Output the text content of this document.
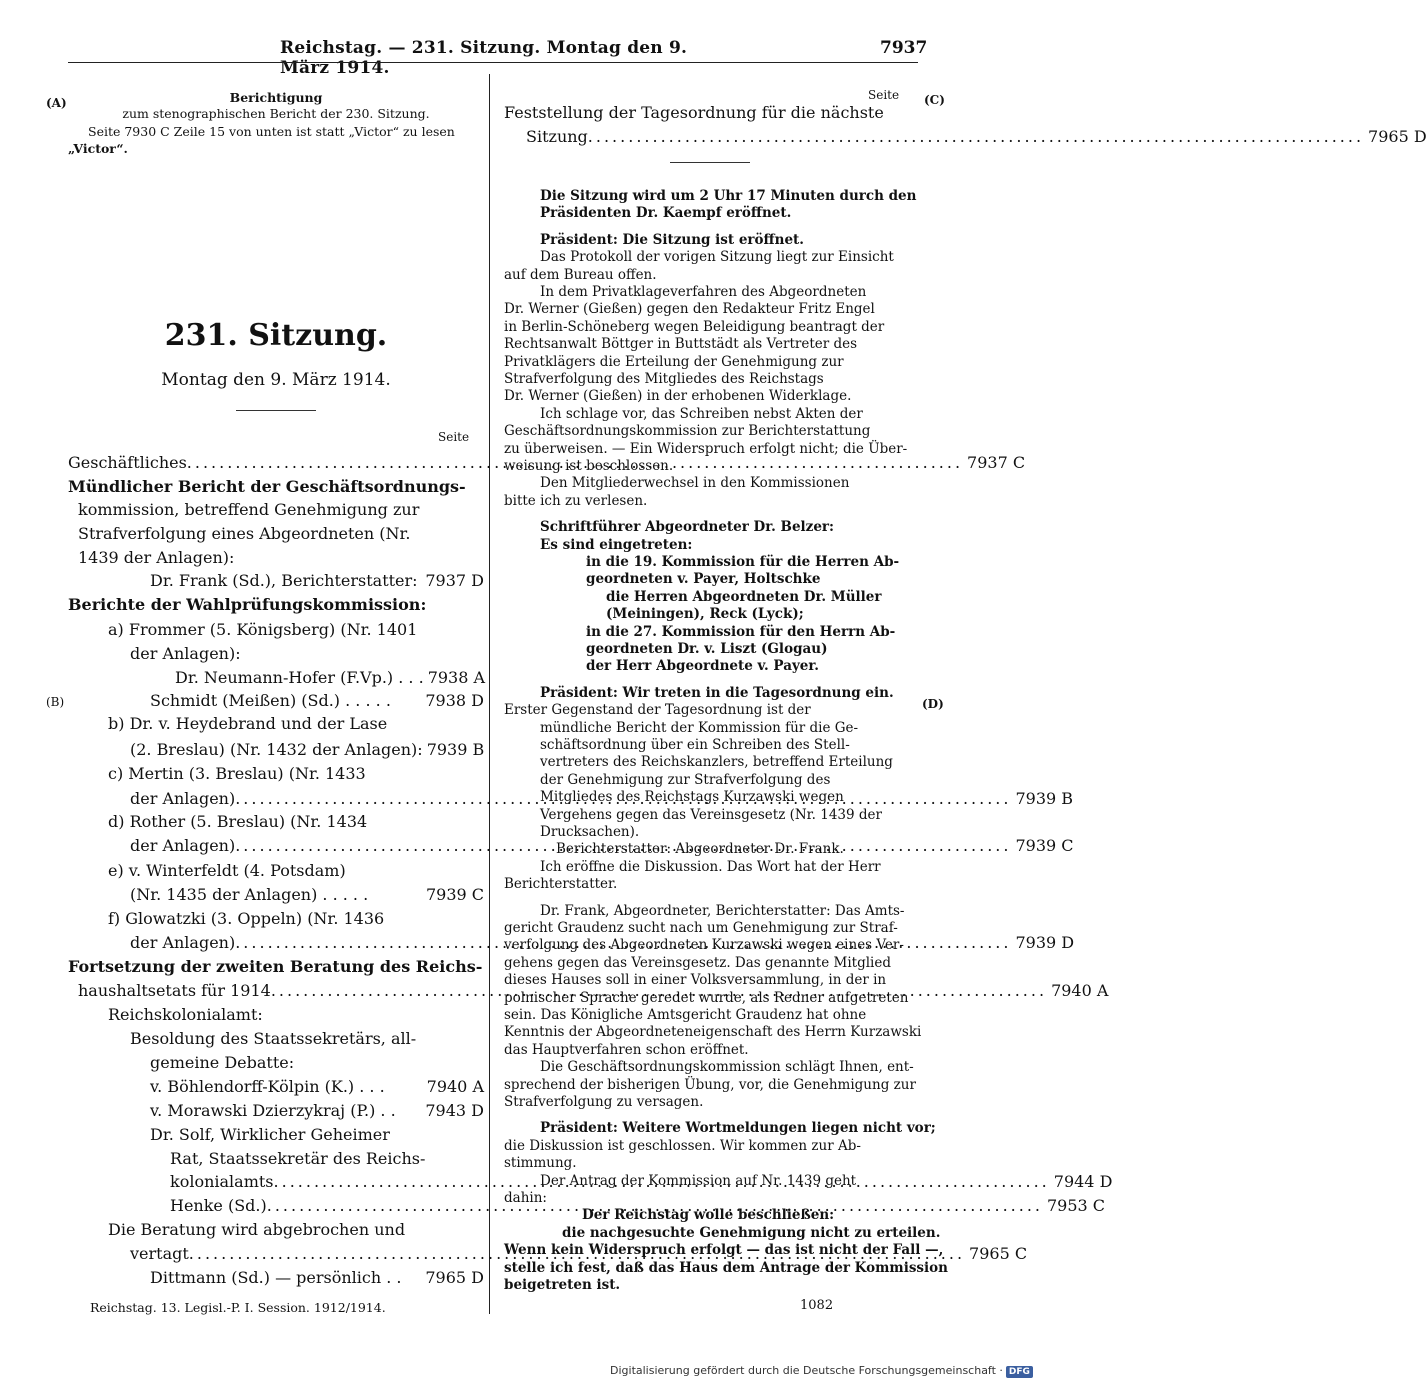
Reichstag. — 231. Sitzung. Montag den 9. März 1914.
7937
(A)
(B)
(C)
(D)
Berichtigung
zum stenographischen Bericht der 230. Sitzung.
Seite 7930 C Zeile 15 von unten ist statt „Victor“ zu lesen
„Victor“.
231. Sitzung.
Montag den 9. März 1914.
Seite
Geschäftliches .....	7937 C
Mündlicher Bericht der Geschäftsordnungs-
kommission, betreffend Genehmigung zur
Strafverfolgung eines Abgeordneten (Nr.
1439 der Anlagen):
Dr. Frank (Sd.), Berichterstatter: 7937 D
Berichte der Wahlprüfungskommission:
a) Frommer (5. Königsberg) (Nr. 1401
der Anlagen):
Dr. Neumann-Hofer (F.Vp.) . . . 7938 A
Schmidt (Meißen) (Sd.) . . . . . 7938 D
b) Dr. v. Heydebrand und der Lase
(2. Breslau) (Nr. 1432 der Anlagen): 7939 B
c) Mertin (3. Breslau) (Nr. 1433
der Anlagen) .....	7939 B
d) Rother (5. Breslau) (Nr. 1434
der Anlagen) .....	7939 C
e) v. Winterfeldt (4. Potsdam)
(Nr. 1435 der Anlagen) . . . . .	7939 C
f) Glowatzki (3. Oppeln) (Nr. 1436
der Anlagen) .....	7939 D
Fortsetzung der zweiten Beratung des Reichs-
haushaltsetats für 1914 .....	7940 A
Reichskolonialamt:
Besoldung des Staatssekretärs, all-
gemeine Debatte:
v. Böhlendorff-Kölpin (K.) . . .	7940 A
v. Morawski Dzierzykraj (P.) . . 7943 D
Dr. Solf, Wirklicher Geheimer
Rat, Staatssekretär des Reichs-
kolonialamts .....	7944 D
Henke (Sd.) .....	7953 C
Die Beratung wird abgebrochen und
vertagt .....	7965 C
Dittmann (Sd.) — persönlich . . 7965 D
Reichstag. 13. Legisl.-P. I. Session. 1912/1914.
Seite
Feststellung der Tagesordnung für die nächste
Sitzung .....	7965 D
Die Sitzung wird um 2 Uhr 17 Minuten durch den
Präsidenten Dr. Kaempf eröffnet.
Präsident: Die Sitzung ist eröffnet.
Das Protokoll der vorigen Sitzung liegt zur Einsicht
auf dem Bureau offen.
In dem Privatklageverfahren des Abgeordneten
Dr. Werner (Gießen) gegen den Redakteur Fritz Engel
in Berlin-Schöneberg wegen Beleidigung beantragt der
Rechtsanwalt Böttger in Buttstädt als Vertreter des
Privatklägers die Erteilung der Genehmigung zur
Strafverfolgung des Mitgliedes des Reichstags
Dr. Werner (Gießen) in der erhobenen Widerklage.
Ich schlage vor, das Schreiben nebst Akten der
Geschäftsordnungskommission zur Berichterstattung
zu überweisen. — Ein Widerspruch erfolgt nicht; die Über-
weisung ist beschlossen.
Den Mitgliederwechsel in den Kommissionen
bitte ich zu verlesen.
Schriftführer Abgeordneter Dr. Belzer:
Es sind eingetreten:
in die 19. Kommission für die Herren Ab-
geordneten v. Payer, Holtschke
die Herren Abgeordneten Dr. Müller
(Meiningen), Reck (Lyck);
in die 27. Kommission für den Herrn Ab-
geordneten Dr. v. Liszt (Glogau)
der Herr Abgeordnete v. Payer.
Präsident: Wir treten in die Tagesordnung ein.
Erster Gegenstand der Tagesordnung ist der
mündliche Bericht der Kommission für die Ge-
schäftsordnung über ein Schreiben des Stell-
vertreters des Reichskanzlers, betreffend Erteilung
der Genehmigung zur Strafverfolgung des
Mitgliedes des Reichstags Kurzawski wegen
Vergehens gegen das Vereinsgesetz (Nr. 1439 der
Drucksachen).
Berichterstatter: Abgeordneter Dr. Frank.
Ich eröffne die Diskussion. Das Wort hat der Herr
Berichterstatter.
Dr. Frank, Abgeordneter, Berichterstatter: Das Amts-
gericht Graudenz sucht nach um Genehmigung zur Straf-
verfolgung des Abgeordneten Kurzawski wegen eines Ver-
gehens gegen das Vereinsgesetz. Das genannte Mitglied
dieses Hauses soll in einer Volksversammlung, in der in
polnischer Sprache geredet wurde, als Redner aufgetreten
sein. Das Königliche Amtsgericht Graudenz hat ohne
Kenntnis der Abgeordneteneigenschaft des Herrn Kurzawski
das Hauptverfahren schon eröffnet.
Die Geschäftsordnungskommission schlägt Ihnen, ent-
sprechend der bisherigen Übung, vor, die Genehmigung zur
Strafverfolgung zu versagen.
Präsident: Weitere Wortmeldungen liegen nicht vor;
die Diskussion ist geschlossen. Wir kommen zur Ab-
stimmung.
Der Antrag der Kommission auf Nr. 1439 geht
dahin:
Der Reichstag wolle beschließen:
die nachgesuchte Genehmigung nicht zu erteilen.
Wenn kein Widerspruch erfolgt — das ist nicht der Fall —,
stelle ich fest, daß das Haus dem Antrage der Kommission
beigetreten ist.
1082
Digitalisierung gefördert durch die Deutsche Forschungsgemeinschaft · DFG
